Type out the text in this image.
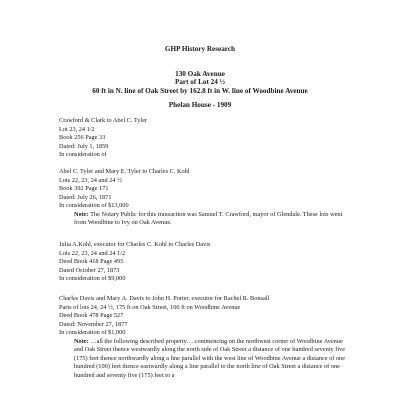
GHP History Research
130 Oak Avenue
Part of Lot 24 ½
60 ft in N. line of Oak Street by 162.8 ft in W. line of Woodbine Avenue
Phelan House - 1909
Crawford & Clark to Abel C. Tyler
Lot 23, 24 1/2
Book 256 Page 33
Dated: July 1, 1859
In consideration of
Abel C. Tyler and Mary E. Tyler to Charles C. Kohl
Lots 22, 23, 24 and 24 ½
Book 392 Page 171
Dated: July 26, 1871
In consideration of $13,000
Note: The Notary Public for this transaction was Samuel T. Crawford, mayor of Glendale. These lots went from Woodbine to Ivy on Oak Avenue.
Julia A.Kohl, executor for Charles C. Kohl to Charles Davis
Lots 22, 23, 24 and 24 1/2
Deed Book 418 Page 495
Dated October 27, 1873
In consideration of $9,000
Charles Davis and Mary A. Davis to John H. Porter, executor for Rachel R. Bonsall
Parts of lots 24, 24 ½, 175 ft on Oak Street, 100 ft on Woodbine Avenue
Deed Book 478 Page 527
Dated: November 27, 1877
In consideration of $1,000
Note: …all the following described property….commencing on the northwest corner of Woodbine Avenue and Oak Street thence westwardly along the north side of Oak Street a distance of one hundred seventy five (175) feet thence northwardly along a line parallel with the west line of Woodbine Avenue a distance of one hundred (100) feet thence eastwardly along a line parallel to the north line of Oak Street a distance of one hundred and seventy five (175) feet to a
